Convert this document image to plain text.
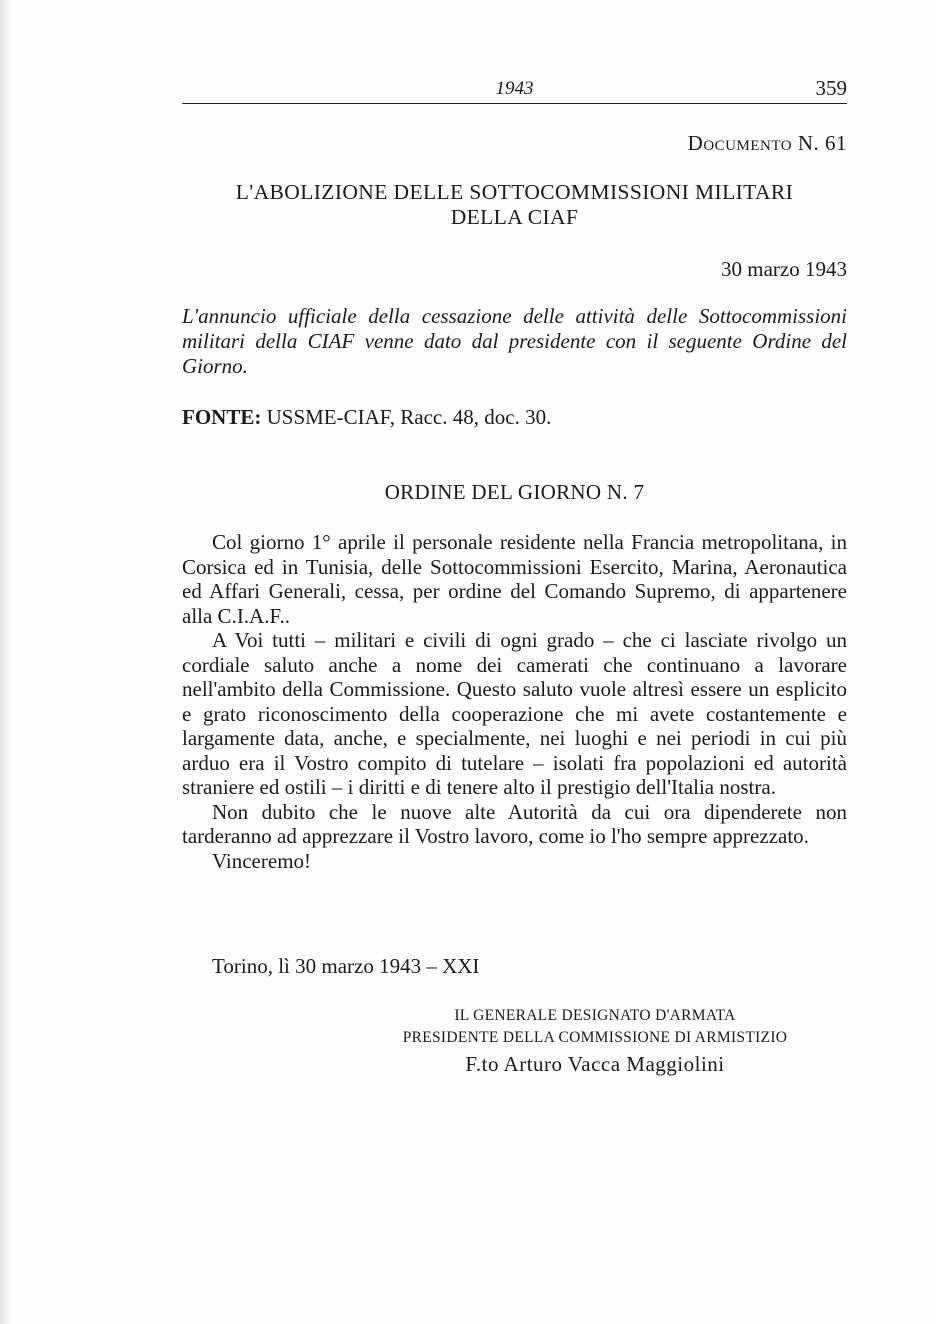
1943	359
Documento N. 61
L'ABOLIZIONE DELLE SOTTOCOMMISSIONI MILITARI
DELLA CIAF
30 marzo 1943
L'annuncio ufficiale della cessazione delle attività delle Sottocommissioni militari della CIAF venne dato dal presidente con il seguente Ordine del Giorno.
FONTE: USSME-CIAF, Racc. 48, doc. 30.
ORDINE DEL GIORNO N. 7

Col giorno 1° aprile il personale residente nella Francia metropolitana, in Corsica ed in Tunisia, delle Sottocommissioni Esercito, Marina, Aeronautica ed Affari Generali, cessa, per ordine del Comando Supremo, di appartenere alla C.I.A.F..

A Voi tutti – militari e civili di ogni grado – che ci lasciate rivolgo un cordiale saluto anche a nome dei camerati che continuano a lavorare nell'ambito della Commissione. Questo saluto vuole altresì essere un esplicito e grato riconoscimento della cooperazione che mi avete costantemente e largamente data, anche, e specialmente, nei luoghi e nei periodi in cui più arduo era il Vostro compito di tutelare – isolati fra popolazioni ed autorità straniere ed ostili – i diritti e di tenere alto il prestigio dell'Italia nostra.

Non dubito che le nuove alte Autorità da cui ora dipenderete non tarderanno ad apprezzare il Vostro lavoro, come io l'ho sempre apprezzato.

Vinceremo!

Torino, lì 30 marzo 1943 – XXI
IL GENERALE DESIGNATO D'ARMATA
PRESIDENTE DELLA COMMISSIONE DI ARMISTIZIO
F.to Arturo Vacca Maggiolini
